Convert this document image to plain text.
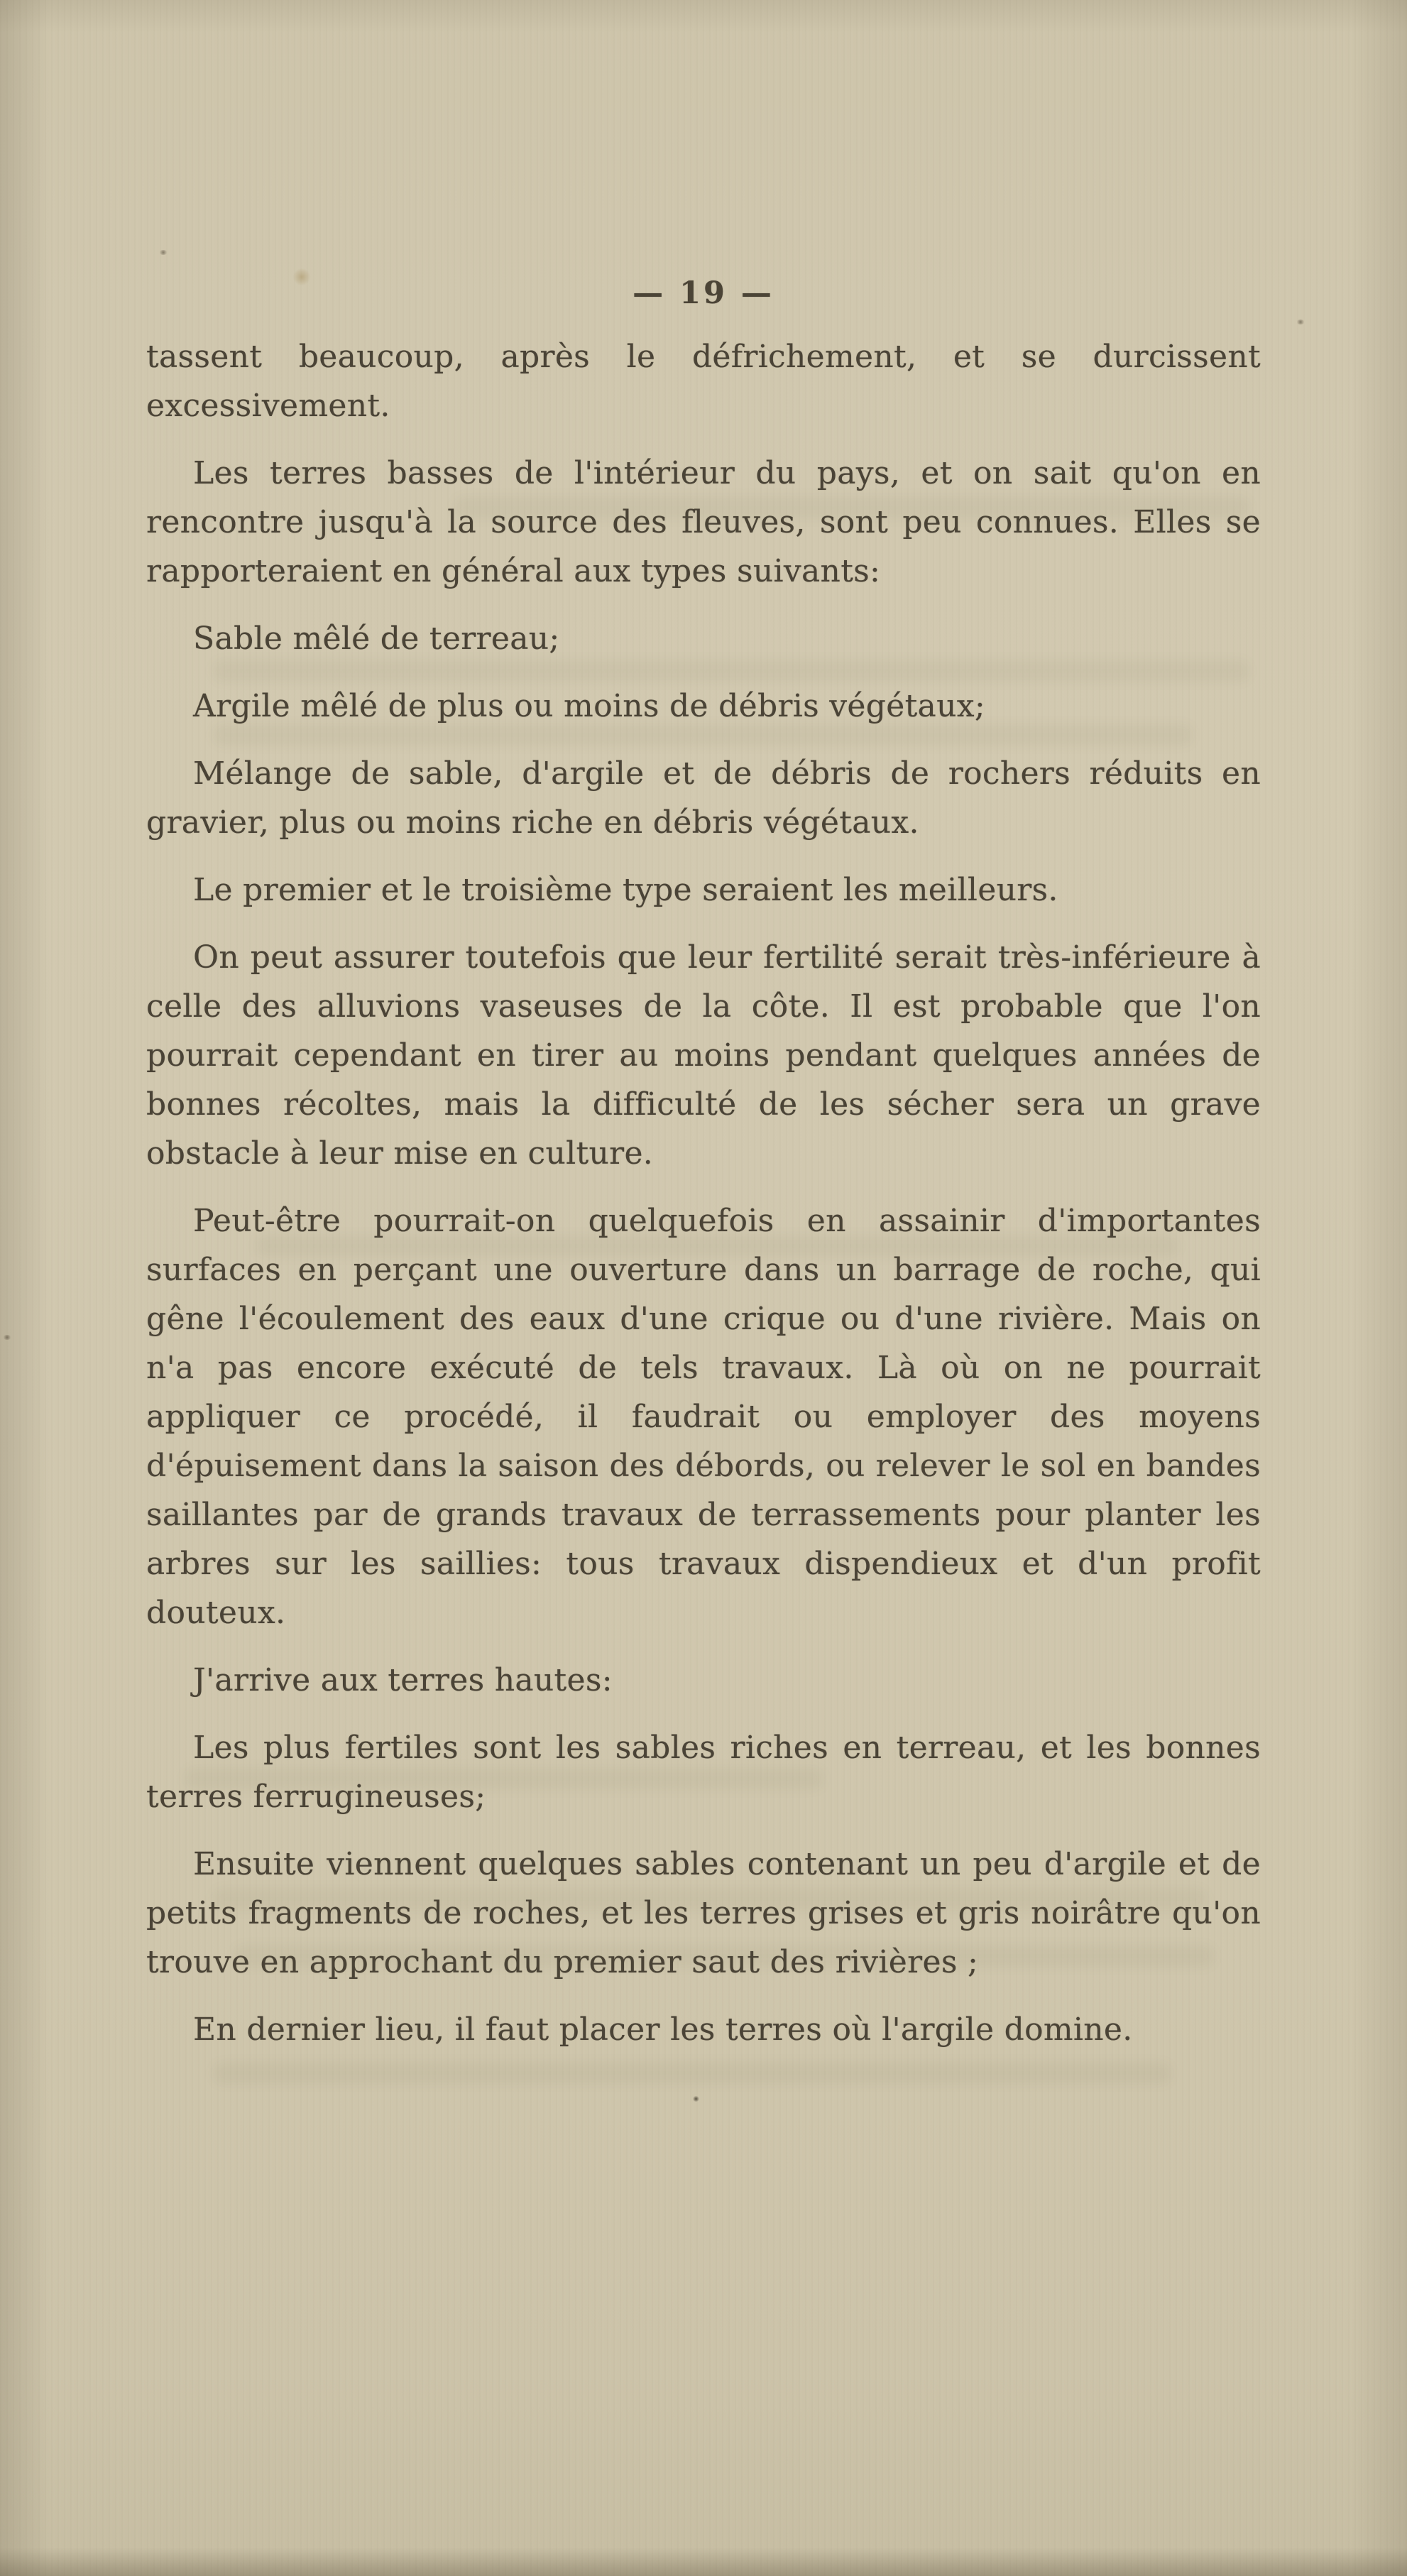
— 19 —

tassent beaucoup, après le défrichement, et se durcissent excessivement.

Les terres basses de l'intérieur du pays, et on sait qu'on en rencontre jusqu'à la source des fleuves, sont peu connues. Elles se rapporteraient en général aux types suivants:

Sable mêlé de terreau;

Argile mêlé de plus ou moins de débris végétaux;

Mélange de sable, d'argile et de débris de rochers réduits en gravier, plus ou moins riche en débris végétaux.

Le premier et le troisième type seraient les meilleurs.

On peut assurer toutefois que leur fertilité serait très-inférieure à celle des alluvions vaseuses de la côte. Il est probable que l'on pourrait cependant en tirer au moins pendant quelques années de bonnes récoltes, mais la difficulté de les sécher sera un grave obstacle à leur mise en culture.

Peut-être pourrait-on quelquefois en assainir d'importantes surfaces en perçant une ouverture dans un barrage de roche, qui gêne l'écoulement des eaux d'une crique ou d'une rivière. Mais on n'a pas encore exécuté de tels travaux. Là où on ne pourrait appliquer ce procédé, il faudrait ou employer des moyens d'épuisement dans la saison des débords, ou relever le sol en bandes saillantes par de grands travaux de terrassements pour planter les arbres sur les saillies: tous travaux dispendieux et d'un profit douteux.

J'arrive aux terres hautes:

Les plus fertiles sont les sables riches en terreau, et les bonnes terres ferrugineuses;

Ensuite viennent quelques sables contenant un peu d'argile et de petits fragments de roches, et les terres grises et gris noirâtre qu'on trouve en approchant du premier saut des rivières ;

En dernier lieu, il faut placer les terres où l'argile domine.
